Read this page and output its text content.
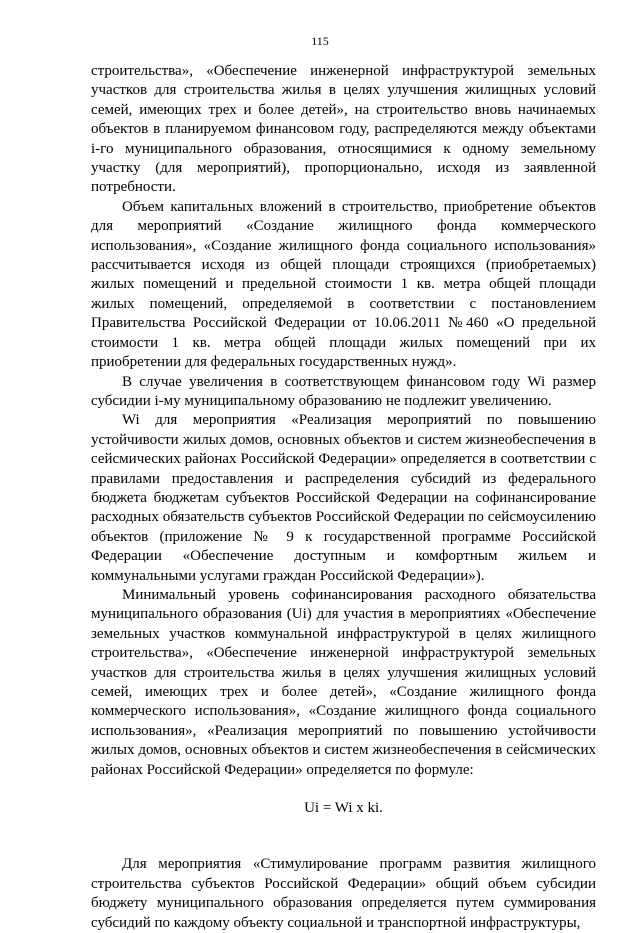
115

строительства», «Обеспечение инженерной инфраструктурой земельных участков для строительства жилья в целях улучшения жилищных условий семей, имеющих трех и более детей», на строительство вновь начинаемых объектов в планируемом финансовом году, распределяются между объектами i-го муниципального образования, относящимися к одному земельному участку (для мероприятий), пропорционально, исходя из заявленной потребности.

Объем капитальных вложений в строительство, приобретение объектов для мероприятий «Создание жилищного фонда коммерческого использования», «Создание жилищного фонда социального использования» рассчитывается исходя из общей площади строящихся (приобретаемых) жилых помещений и предельной стоимости 1 кв. метра общей площади жилых помещений, определяемой в соответствии с постановлением Правительства Российской Федерации от 10.06.2011 №460 «О предельной стоимости 1 кв. метра общей площади жилых помещений при их приобретении для федеральных государственных нужд».

В случае увеличения в соответствующем финансовом году Wi размер субсидии i-му муниципальному образованию не подлежит увеличению.

Wi для мероприятия «Реализация мероприятий по повышению устойчивости жилых домов, основных объектов и систем жизнеобеспечения в сейсмических районах Российской Федерации» определяется в соответствии с правилами предоставления и распределения субсидий из федерального бюджета бюджетам субъектов Российской Федерации на софинансирование расходных обязательств субъектов Российской Федерации по сейсмоусилению объектов (приложение № 9 к государственной программе Российской Федерации «Обеспечение доступным и комфортным жильем и коммунальными услугами граждан Российской Федерации»).

Минимальный уровень софинансирования расходного обязательства муниципального образования (Ui) для участия в мероприятиях «Обеспечение земельных участков коммунальной инфраструктурой в целях жилищного строительства», «Обеспечение инженерной инфраструктурой земельных участков для строительства жилья в целях улучшения жилищных условий семей, имеющих трех и более детей», «Создание жилищного фонда коммерческого использования», «Создание жилищного фонда социального использования», «Реализация мероприятий по повышению устойчивости жилых домов, основных объектов и систем жизнеобеспечения в сейсмических районах Российской Федерации» определяется по формуле:

Ui = Wi x ki.

Для мероприятия «Стимулирование программ развития жилищного строительства субъектов Российской Федерации» общий объем субсидии бюджету муниципального образования определяется путем суммирования субсидий по каждому объекту социальной и транспортной инфраструктуры,
